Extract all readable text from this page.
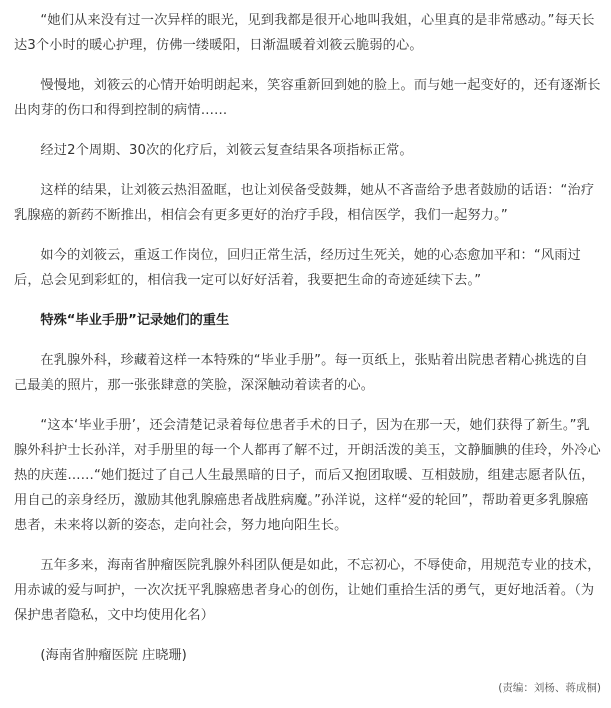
“她们从来没有过一次异样的眼光，见到我都是很开心地叫我姐，心里真的是非常感动。”每天长达3个小时的暖心护理，仿佛一缕暖阳，日渐温暖着刘筱云脆弱的心。

慢慢地，刘筱云的心情开始明朗起来，笑容重新回到她的脸上。而与她一起变好的，还有逐渐长出肉芽的伤口和得到控制的病情……

经过2个周期、30次的化疗后，刘筱云复查结果各项指标正常。

这样的结果，让刘筱云热泪盈眶，也让刘侯备受鼓舞，她从不吝啬给予患者鼓励的话语：“治疗乳腺癌的新药不断推出，相信会有更多更好的治疗手段，相信医学，我们一起努力。”

如今的刘筱云，重返工作岗位，回归正常生活，经历过生死关，她的心态愈加平和：“风雨过后，总会见到彩虹的，相信我一定可以好好活着，我要把生命的奇迹延续下去。”

特殊“毕业手册”记录她们的重生

在乳腺外科，珍藏着这样一本特殊的“毕业手册”。每一页纸上，张贴着出院患者精心挑选的自己最美的照片，那一张张肆意的笑脸，深深触动着读者的心。

“这本‘毕业手册’，还会清楚记录着每位患者手术的日子，因为在那一天，她们获得了新生。”乳腺外科护士长孙洋，对手册里的每一个人都再了解不过，开朗活泼的美玉，文静腼腆的佳玲，外冷心热的庆莲……“她们挺过了自己人生最黑暗的日子，而后又抱团取暖、互相鼓励，组建志愿者队伍，用自己的亲身经历，激励其他乳腺癌患者战胜病魔。”孙洋说，这样“爱的轮回”，帮助着更多乳腺癌患者，未来将以新的姿态，走向社会，努力地向阳生长。

五年多来，海南省肿瘤医院乳腺外科团队便是如此，不忘初心，不辱使命，用规范专业的技术，用赤诚的爱与呵护，一次次抚平乳腺癌患者身心的创伤，让她们重拾生活的勇气，更好地活着。（为保护患者隐私，文中均使用化名）

(海南省肿瘤医院 庄晓珊)

(责编：刘杨、蒋成桐)
